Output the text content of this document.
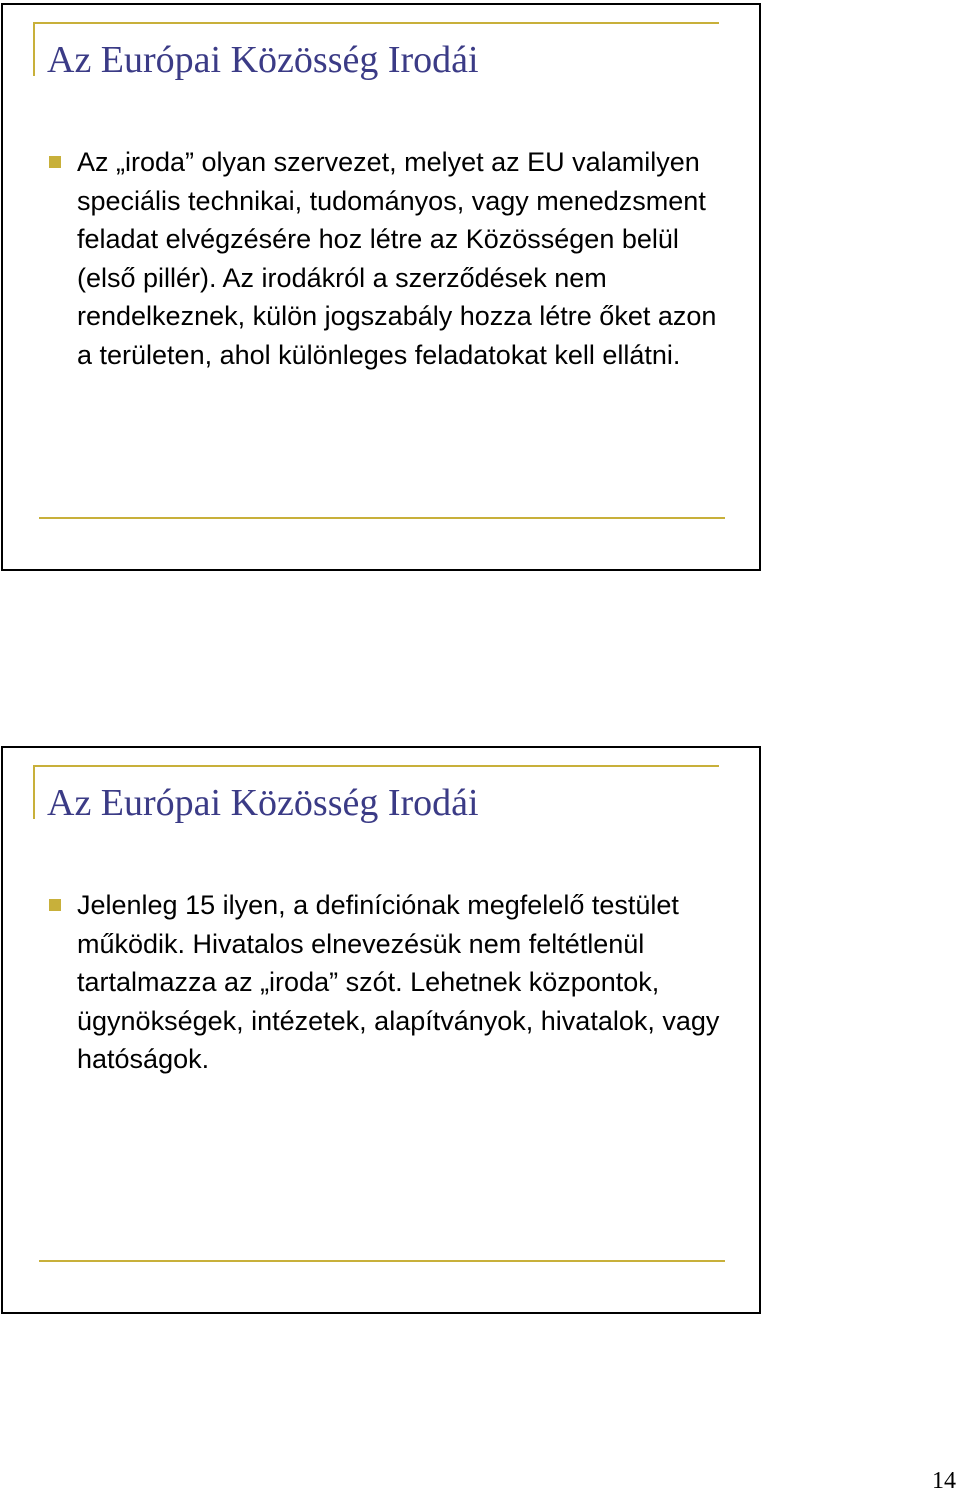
Az Európai Közösség Irodái
Az „iroda” olyan szervezet, melyet az EU valamilyen speciális technikai, tudományos, vagy menedzsment feladat elvégzésére hoz létre az Közösségen belül (első pillér). Az irodákról a szerződések nem rendelkeznek, külön jogszabály hozza létre őket azon a területen, ahol különleges feladatokat kell ellátni.
Az Európai Közösség Irodái
Jelenleg 15 ilyen, a definíciónak megfelelő testület működik. Hivatalos elnevezésük nem feltétlenül tartalmazza az „iroda” szót. Lehetnek központok, ügynökségek, intézetek, alapítványok, hivatalok, vagy hatóságok.
14
